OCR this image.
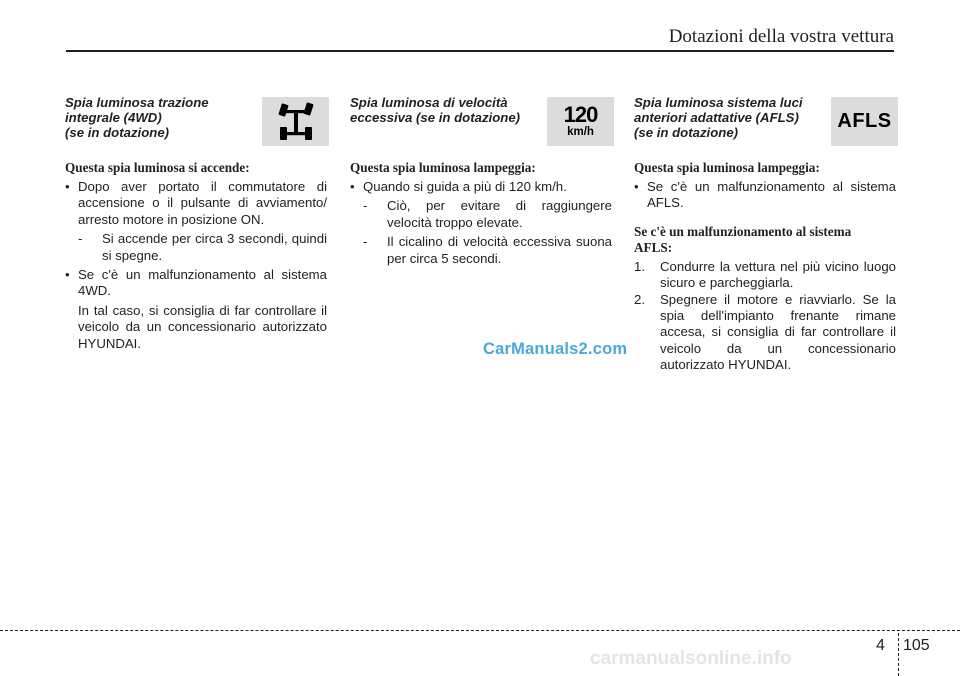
Dotazioni della vostra vettura
Spia luminosa trazione
integrale (4WD)
(se in dotazione)
Questa spia luminosa si accende:
• Dopo aver portato il commutatore di accensione o il pulsante di avviamento/ arresto motore in posizione ON.
- Si accende per circa 3 secondi, quindi si spegne.
• Se c'è un malfunzionamento al sistema 4WD.
In tal caso, si consiglia di far controllare il veicolo da un concessionario autorizzato HYUNDAI.
Spia luminosa di velocità
eccessiva (se in dotazione)	120
km/h
Questa spia luminosa lampeggia:
• Quando si guida a più di 120 km/h.
- Ciò, per evitare di raggiungere velocità troppo elevate.
- Il cicalino di velocità eccessiva suona per circa 5 secondi.
Spia luminosa sistema luci
anteriori adattative (AFLS)
(se in dotazione)
AFLS
Questa spia luminosa lampeggia:
• Se c'è un malfunzionamento al sistema AFLS.
Se c'è un malfunzionamento al sistema
AFLS:
1. Condurre la vettura nel più vicino luogo sicuro e parcheggiarla.
2. Spegnere il motore e riavviarlo. Se la spia dell'impianto frenante rimane accesa, si consiglia di far controllare il veicolo da un concessionario autorizzato HYUNDAI.
CarManuals2.com
4 105
carmanualsonline.info
